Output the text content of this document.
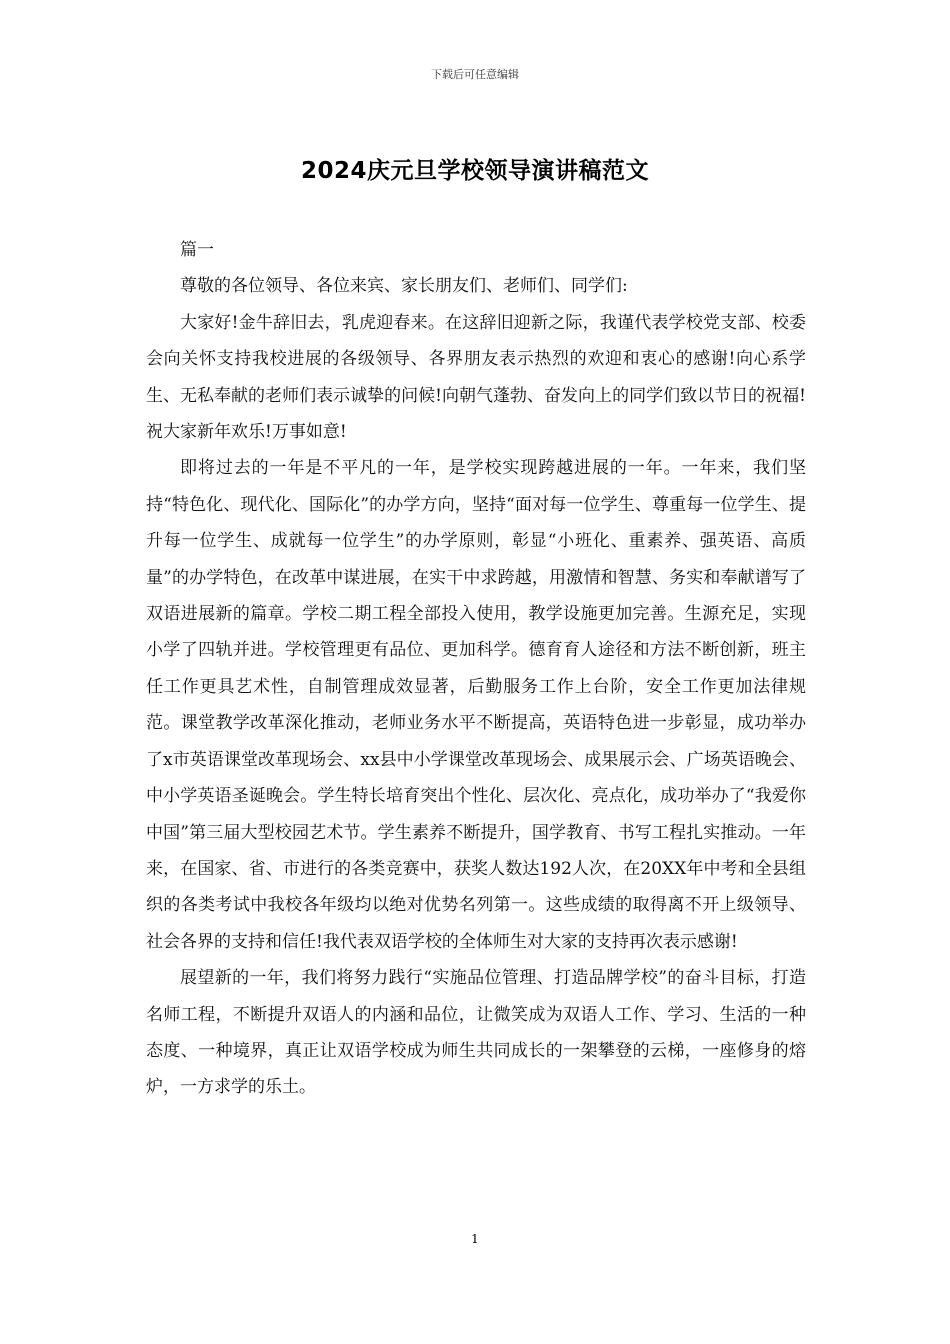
下载后可任意编辑
2024庆元旦学校领导演讲稿范文

篇一

尊敬的各位领导、各位来宾、家长朋友们、老师们、同学们:

大家好!金牛辞旧去，乳虎迎春来。在这辞旧迎新之际，我谨代表学校党支部、校委会向关怀支持我校进展的各级领导、各界朋友表示热烈的欢迎和衷心的感谢!向心系学生、无私奉献的老师们表示诚挚的问候!向朝气蓬勃、奋发向上的同学们致以节日的祝福!祝大家新年欢乐!万事如意!

即将过去的一年是不平凡的一年，是学校实现跨越进展的一年。一年来，我们坚持“特色化、现代化、国际化”的办学方向，坚持“面对每一位学生、尊重每一位学生、提升每一位学生、成就每一位学生”的办学原则，彰显“小班化、重素养、强英语、高质量”的办学特色，在改革中谋进展，在实干中求跨越，用激情和智慧、务实和奉献谱写了双语进展新的篇章。学校二期工程全部投入使用，教学设施更加完善。生源充足，实现小学了四轨并进。学校管理更有品位、更加科学。德育育人途径和方法不断创新，班主任工作更具艺术性，自制管理成效显著，后勤服务工作上台阶，安全工作更加法律规范。课堂教学改革深化推动，老师业务水平不断提高，英语特色进一步彰显，成功举办了x市英语课堂改革现场会、xx县中小学课堂改革现场会、成果展示会、广场英语晚会、中小学英语圣诞晚会。学生特长培育突出个性化、层次化、亮点化，成功举办了“我爱你中国”第三届大型校园艺术节。学生素养不断提升，国学教育、书写工程扎实推动。一年来，在国家、省、市进行的各类竞赛中，获奖人数达192人次，在20XX年中考和全县组织的各类考试中我校各年级均以绝对优势名列第一。这些成绩的取得离不开上级领导、社会各界的支持和信任!我代表双语学校的全体师生对大家的支持再次表示感谢!

展望新的一年，我们将努力践行“实施品位管理、打造品牌学校”的奋斗目标，打造名师工程，不断提升双语人的内涵和品位，让微笑成为双语人工作、学习、生活的一种态度、一种境界，真正让双语学校成为师生共同成长的一架攀登的云梯，一座修身的熔炉，一方求学的乐土。

1
